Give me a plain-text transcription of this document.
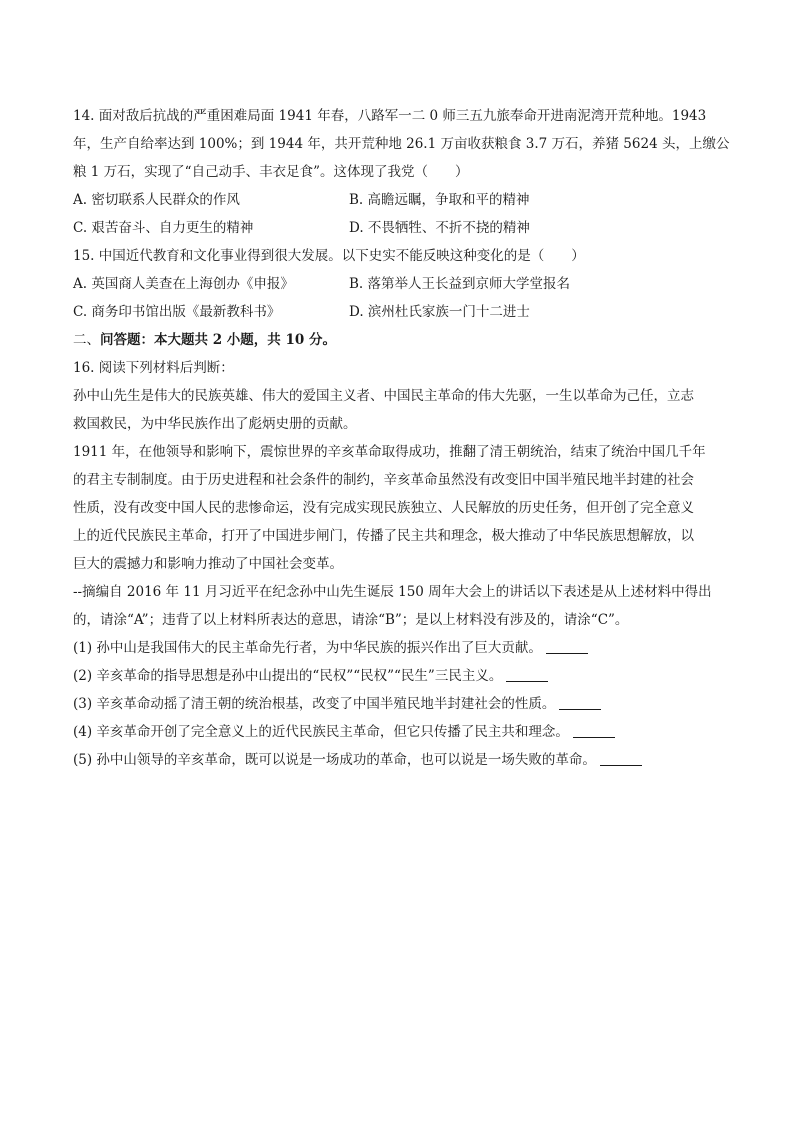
14. 面对敌后抗战的严重困难局面 1941 年春，八路军一二 0 师三五九旅奉命开进南泥湾开荒种地。1943
年，生产自给率达到 100%；到 1944 年，共开荒种地 26.1 万亩收获粮食 3.7 万石，养猪 5624 头，上缴公
粮 1 万石，实现了“自己动手、丰衣足食”。这体现了我党（　　）
A. 密切联系人民群众的作风	B. 高瞻远瞩，争取和平的精神
C. 艰苦奋斗、自力更生的精神	D. 不畏牺牲、不折不挠的精神
15. 中国近代教育和文化事业得到很大发展。以下史实不能反映这种变化的是（　　）
A. 英国商人美查在上海创办《申报》	B. 落第举人王长益到京师大学堂报名
C. 商务印书馆出版《最新教科书》	D. 滨州杜氏家族一门十二进士
二、问答题：本大题共 2 小题，共 10 分。
16. 阅读下列材料后判断：
孙中山先生是伟大的民族英雄、伟大的爱国主义者、中国民主革命的伟大先驱，一生以革命为己任，立志
救国救民，为中华民族作出了彪炳史册的贡献。
1911 年，在他领导和影响下，震惊世界的辛亥革命取得成功，推翻了清王朝统治，结束了统治中国几千年
的君主专制制度。由于历史进程和社会条件的制约，辛亥革命虽然没有改变旧中国半殖民地半封建的社会
性质，没有改变中国人民的悲惨命运，没有完成实现民族独立、人民解放的历史任务，但开创了完全意义
上的近代民族民主革命，打开了中国进步闸门，传播了民主共和理念，极大推动了中华民族思想解放，以
巨大的震撼力和影响力推动了中国社会变革。
--摘编自 2016 年 11 月习近平在纪念孙中山先生诞辰 150 周年大会上的讲话以下表述是从上述材料中得出
的，请涂“A”；违背了以上材料所表达的意思，请涂“B”；是以上材料没有涉及的，请涂“C”。
(1) 孙中山是我国伟大的民主革命先行者，为中华民族的振兴作出了巨大贡献。
(2) 辛亥革命的指导思想是孙中山提出的“民权”“民权”“民生”三民主义。
(3) 辛亥革命动摇了清王朝的统治根基，改变了中国半殖民地半封建社会的性质。
(4) 辛亥革命开创了完全意义上的近代民族民主革命，但它只传播了民主共和理念。
(5) 孙中山领导的辛亥革命，既可以说是一场成功的革命，也可以说是一场失败的革命。
